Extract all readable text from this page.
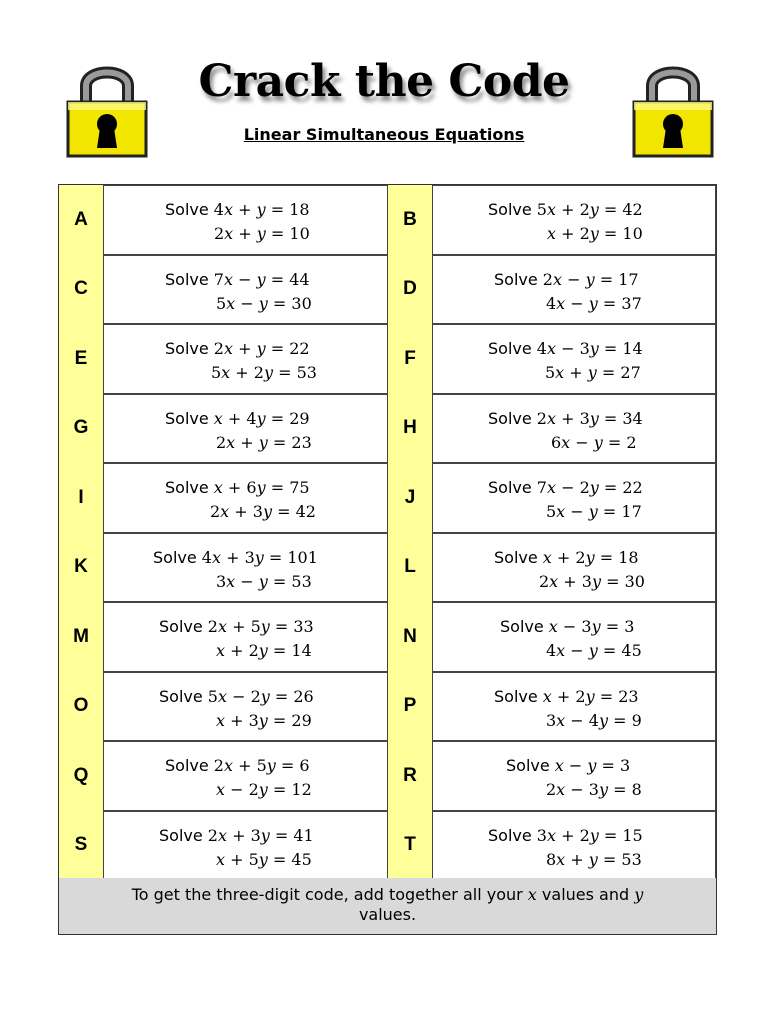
Crack the Code
Linear Simultaneous Equations
A	Solve 4𝑥 + 𝑦 = 18
2𝑥 + 𝑦 = 10
B	Solve 5𝑥 + 2𝑦 = 42
𝑥 + 2𝑦 = 10
C	Solve 7𝑥 − 𝑦 = 44
5𝑥 − 𝑦 = 30
D	Solve 2𝑥 − 𝑦 = 17
4𝑥 − 𝑦 = 37
E	Solve 2𝑥 + 𝑦 = 22
5𝑥 + 2𝑦 = 53
F	Solve 4𝑥 − 3𝑦 = 14
5𝑥 + 𝑦 = 27
G	Solve 𝑥 + 4𝑦 = 29
2𝑥 + 𝑦 = 23
H	Solve 2𝑥 + 3𝑦 = 34
6𝑥 − 𝑦 = 2
I	Solve 𝑥 + 6𝑦 = 75
2𝑥 + 3𝑦 = 42
J	Solve 7𝑥 − 2𝑦 = 22
5𝑥 − 𝑦 = 17
K	Solve 4𝑥 + 3𝑦 = 101
3𝑥 − 𝑦 = 53
L	Solve 𝑥 + 2𝑦 = 18
2𝑥 + 3𝑦 = 30
M	Solve 2𝑥 + 5𝑦 = 33
𝑥 + 2𝑦 = 14
N	Solve 𝑥 − 3𝑦 = 3
4𝑥 − 𝑦 = 45
O	Solve 5𝑥 − 2𝑦 = 26
𝑥 + 3𝑦 = 29
P	Solve 𝑥 + 2𝑦 = 23
3𝑥 − 4𝑦 = 9
Q	Solve 2𝑥 + 5𝑦 = 6
𝑥 − 2𝑦 = 12
R	Solve 𝑥 − 𝑦 = 3
2𝑥 − 3𝑦 = 8
S	Solve 2𝑥 + 3𝑦 = 41
𝑥 + 5𝑦 = 45
T	Solve 3𝑥 + 2𝑦 = 15
8𝑥 + 𝑦 = 53
To get the three-digit code, add together all your 𝑥 values and 𝑦
values.
